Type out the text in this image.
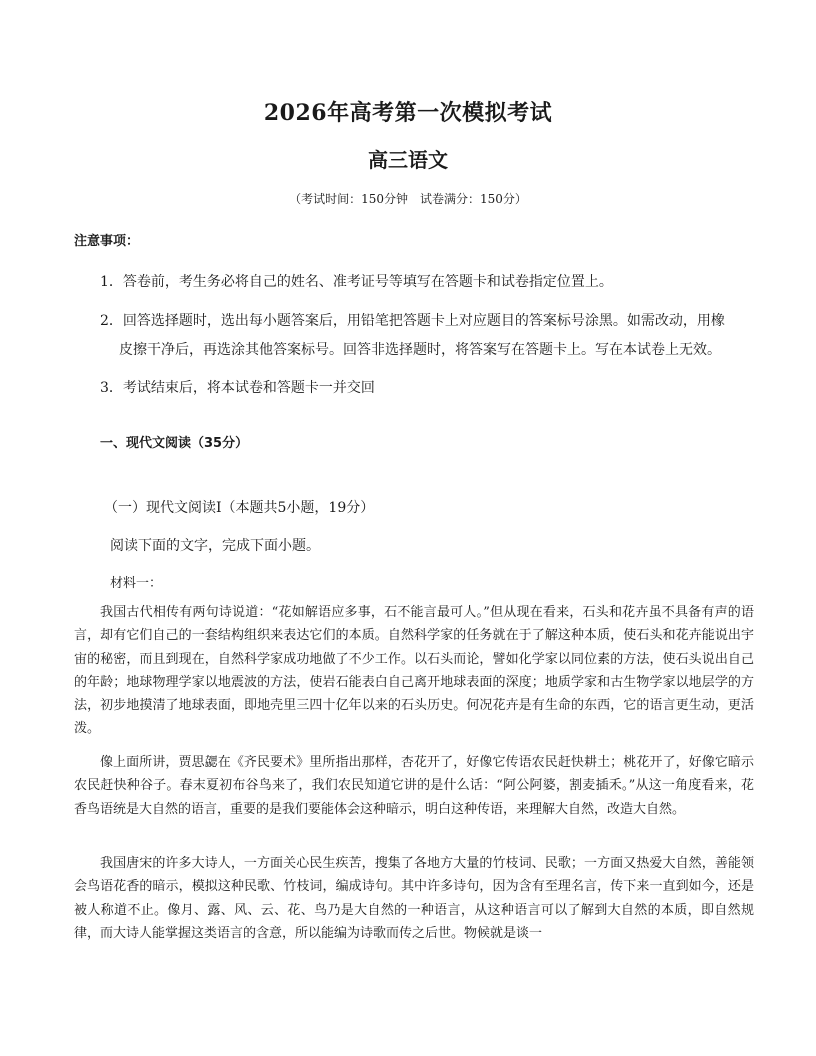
2026年高考第一次模拟考试
高三语文

（考试时间：150分钟　试卷满分：150分）

注意事项：

1．答卷前，考生务必将自己的姓名、准考证号等填写在答题卡和试卷指定位置上。

2．回答选择题时，选出每小题答案后，用铅笔把答题卡上对应题目的答案标号涂黑。如需改动，用橡
皮擦干净后，再选涂其他答案标号。回答非选择题时，将答案写在答题卡上。写在本试卷上无效。

3．考试结束后，将本试卷和答题卡一并交回

一、现代文阅读（35分）

（一）现代文阅读Ⅰ（本题共5小题，19分）

阅读下面的文字，完成下面小题。

材料一：

我国古代相传有两句诗说道：“花如解语应多事，石不能言最可人。”但从现在看来，石头和花卉虽不具备有声的语言，却有它们自己的一套结构组织来表达它们的本质。自然科学家的任务就在于了解这种本质，使石头和花卉能说出宇宙的秘密，而且到现在，自然科学家成功地做了不少工作。以石头而论，譬如化学家以同位素的方法，使石头说出自己的年龄；地球物理学家以地震波的方法，使岩石能表白自己离开地球表面的深度；地质学家和古生物学家以地层学的方法，初步地摸清了地球表面，即地壳里三四十亿年以来的石头历史。何况花卉是有生命的东西，它的语言更生动，更活泼。

像上面所讲，贾思勰在《齐民要术》里所指出那样，杏花开了，好像它传语农民赶快耕土；桃花开了，好像它暗示农民赶快种谷子。春末夏初布谷鸟来了，我们农民知道它讲的是什么话：“阿公阿婆，割麦插禾。”从这一角度看来，花香鸟语统是大自然的语言，重要的是我们要能体会这种暗示，明白这种传语，来理解大自然，改造大自然。

我国唐宋的许多大诗人，一方面关心民生疾苦，搜集了各地方大量的竹枝词、民歌；一方面又热爱大自然，善能领会鸟语花香的暗示，模拟这种民歌、竹枝词，编成诗句。其中许多诗句，因为含有至理名言，传下来一直到如今，还是被人称道不止。像月、露、风、云、花、鸟乃是大自然的一种语言，从这种语言可以了解到大自然的本质，即自然规律，而大诗人能掌握这类语言的含意，所以能编为诗歌而传之后世。物候就是谈一
